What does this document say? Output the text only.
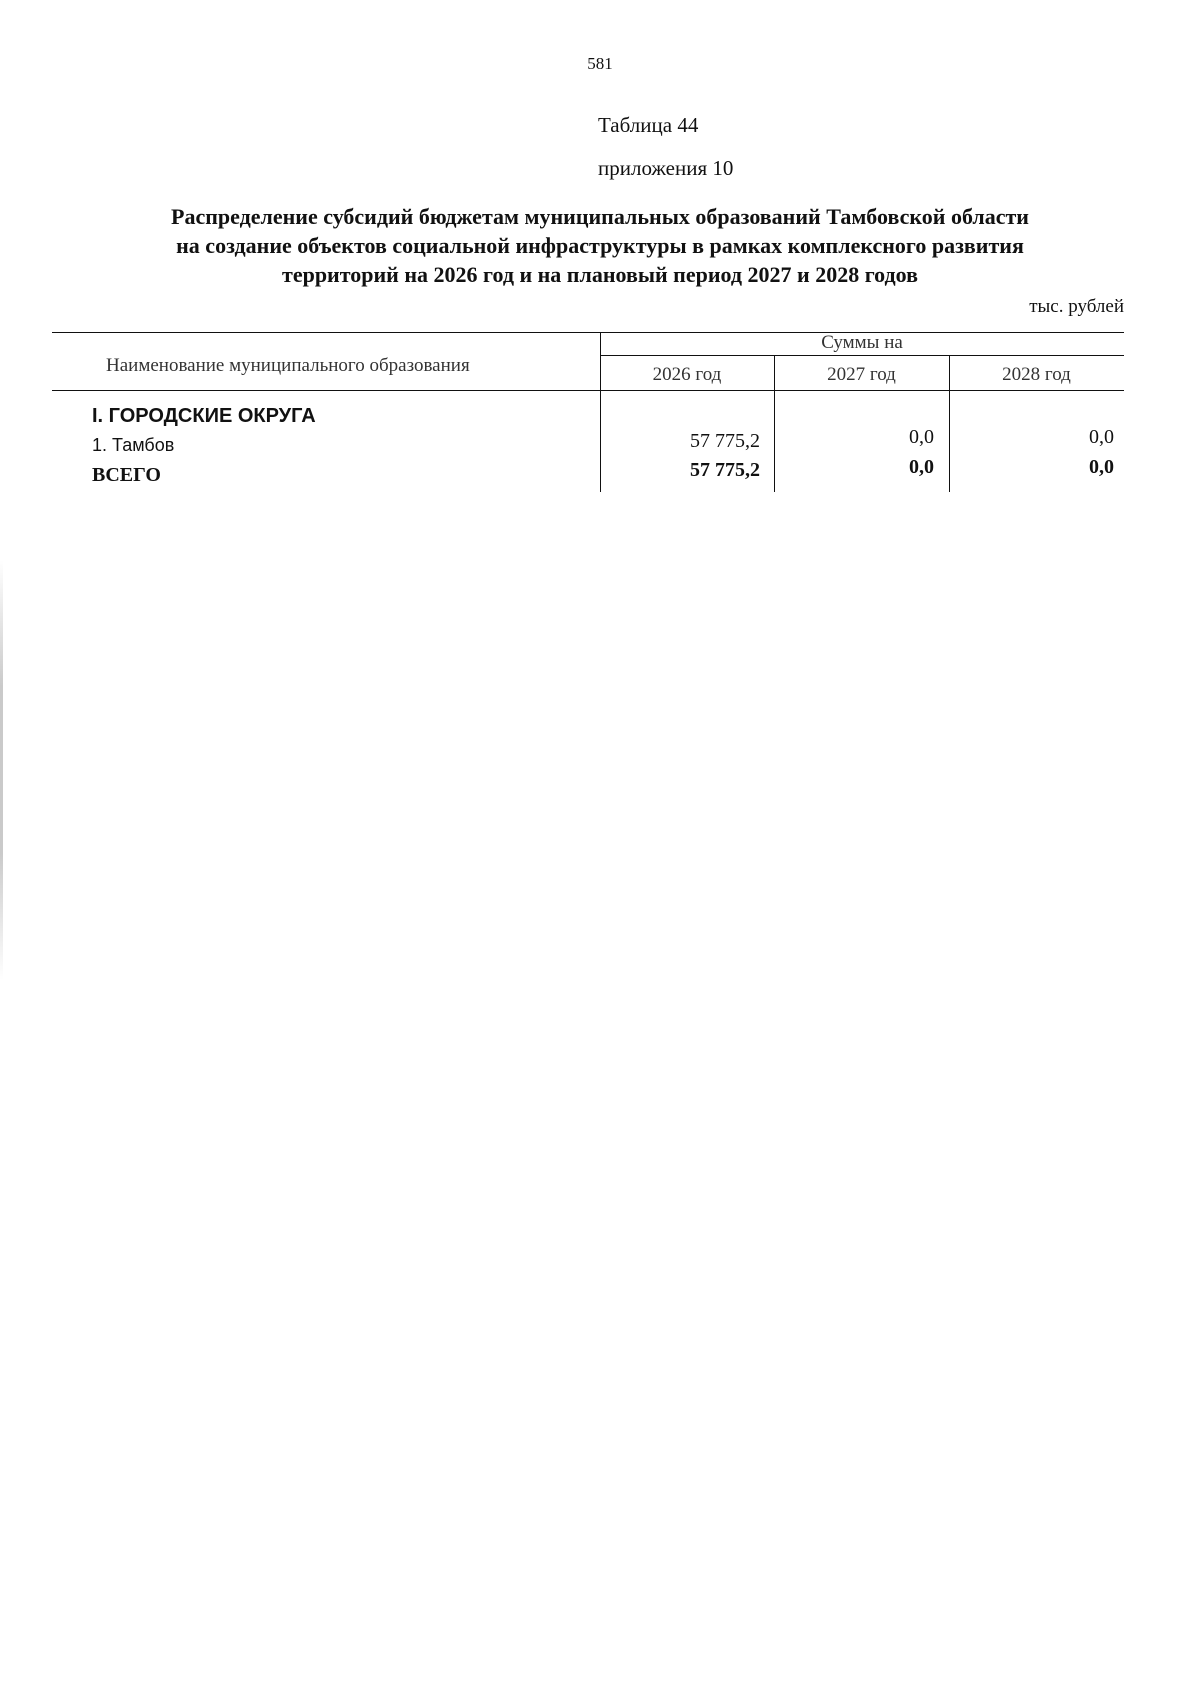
581
Таблица 44
приложения 10
Распределение субсидий бюджетам муниципальных образований Тамбовской области
на создание объектов социальной инфраструктуры в рамках комплексного развития
территорий на 2026 год и на плановый период 2027 и 2028 годов
тыс. рублей
Наименование муниципального образования
Суммы на
2026 год	2027 год	2028 год
I. ГОРОДСКИЕ ОКРУГА
1. Тамбов	57 775,2	0,0	0,0
ВСЕГО	57 775,2	0,0	0,0
